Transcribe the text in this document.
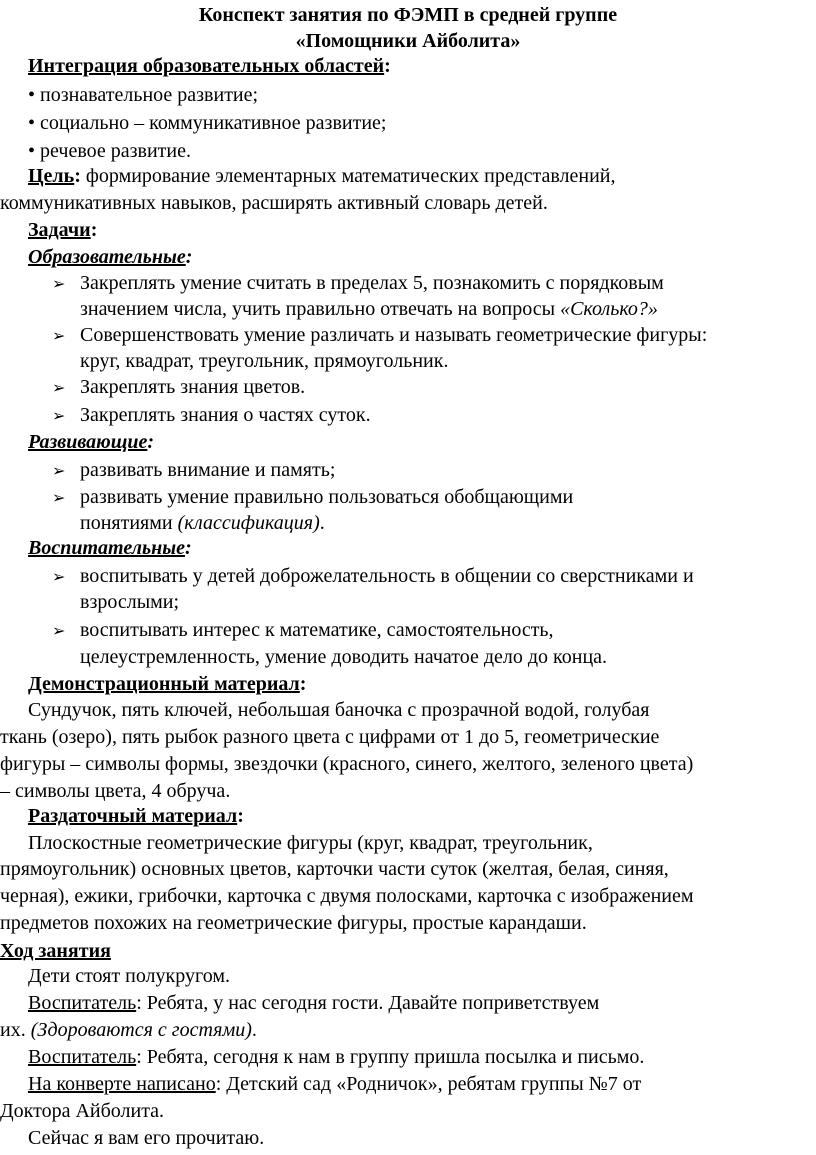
Конспект занятия по ФЭМП в средней группе

«Помощники Айболита»

Интеграция образовательных областей:
• познавательное развитие;
• социально – коммуникативное развитие;
• речевое развитие.
Цель: формирование элементарных математических представлений,
коммуникативных навыков, расширять активный словарь детей.
Задачи:
Образовательные:
➢ Закреплять умение считать в пределах 5, познакомить с порядковым
значением числа, учить правильно отвечать на вопросы «Сколько?»
➢ Совершенствовать умение различать и называть геометрические фигуры:
круг, квадрат, треугольник, прямоугольник.
➢ Закреплять знания цветов.
➢ Закреплять знания о частях суток.
Развивающие:
➢ развивать внимание и память;
➢ развивать умение правильно пользоваться обобщающими
понятиями (классификация).
Воспитательные:
➢ воспитывать у детей доброжелательность в общении со сверстниками и
взрослыми;
➢ воспитывать интерес к математике, самостоятельность,
целеустремленность, умение доводить начатое дело до конца.
Демонстрационный материал:
Сундучок, пять ключей, небольшая баночка с прозрачной водой, голубая
ткань (озеро), пять рыбок разного цвета с цифрами от 1 до 5, геометрические
фигуры – символы формы, звездочки (красного, синего, желтого, зеленого цвета)
– символы цвета, 4 обруча.
Раздаточный материал:
Плоскостные геометрические фигуры (круг, квадрат, треугольник,
прямоугольник) основных цветов, карточки части суток (желтая, белая, синяя,
черная), ежики, грибочки, карточка с двумя полосками, карточка с изображением
предметов похожих на геометрические фигуры, простые карандаши.
Ход занятия
Дети стоят полукругом.
Воспитатель: Ребята, у нас сегодня гости. Давайте поприветствуем
их. (Здороваются с гостями).
Воспитатель: Ребята, сегодня к нам в группу пришла посылка и письмо.
На конверте написано: Детский сад «Родничок», ребятам группы №7 от
Доктора Айболита.
Сейчас я вам его прочитаю.
